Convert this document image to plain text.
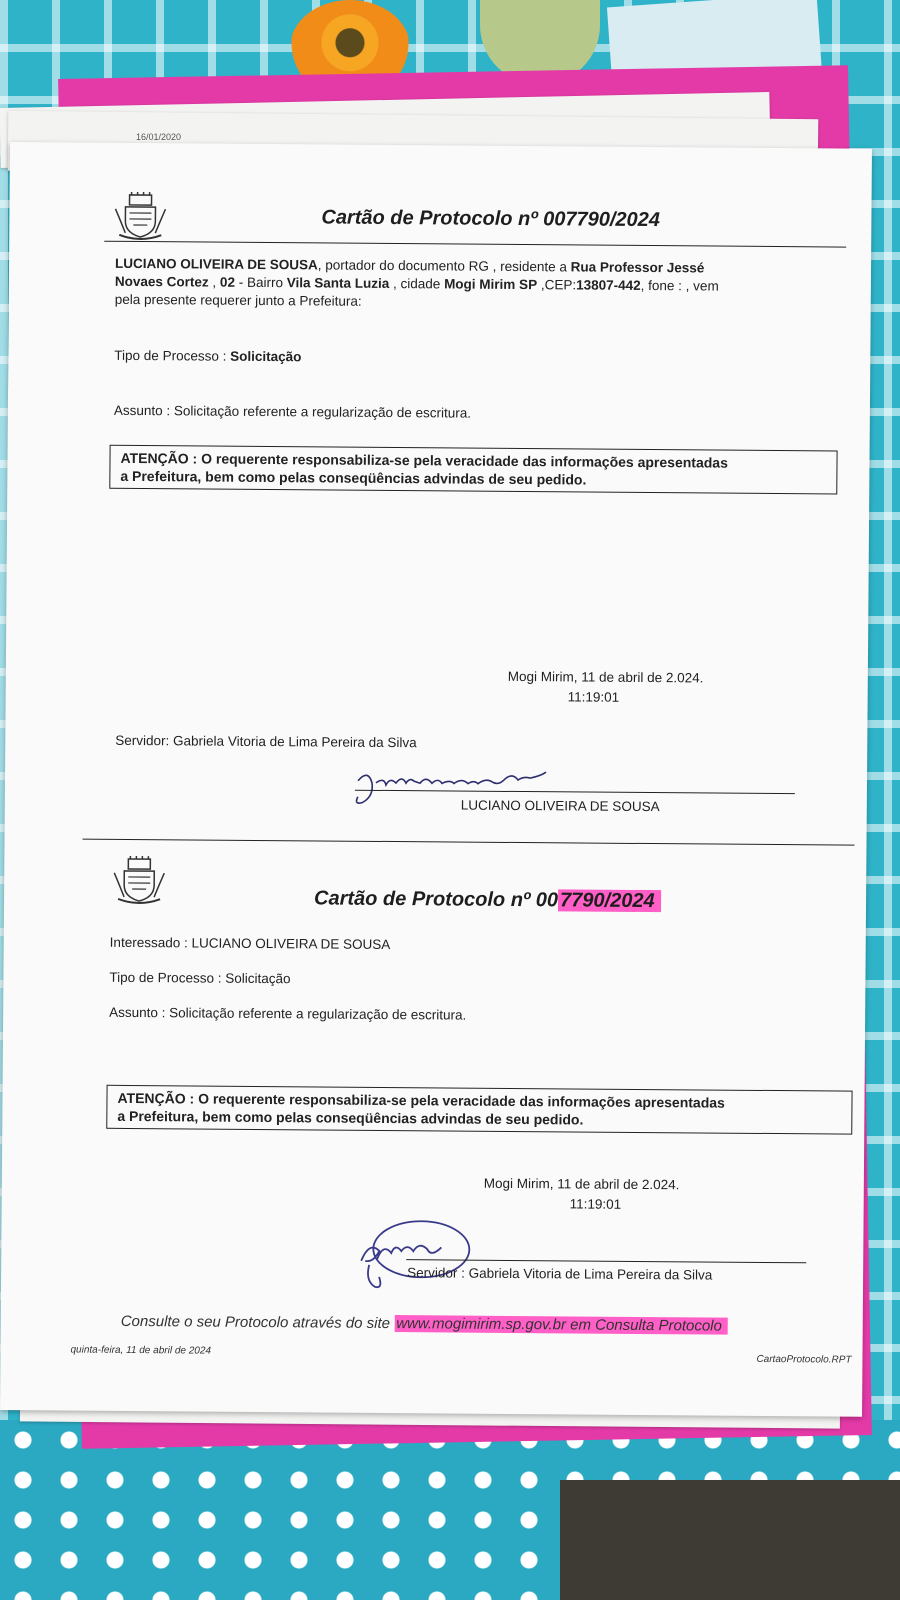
16/01/2020
Cartão de Protocolo nº 007790/2024
LUCIANO OLIVEIRA DE SOUSA, portador do documento RG , residente a Rua Professor Jessé
Novaes Cortez , 02 - Bairro Vila Santa Luzia , cidade Mogi Mirim SP ,CEP:13807-442, fone : , vem
pela presente requerer junto a Prefeitura:
Tipo de Processo : Solicitação
Assunto : Solicitação referente a regularização de escritura.
ATENÇÃO : O requerente responsabiliza-se pela veracidade das informações apresentadas
a Prefeitura, bem como pelas conseqüências advindas de seu pedido.
Mogi Mirim, 11 de abril de 2.024.
11:19:01
Servidor: Gabriela Vitoria de Lima Pereira da Silva
LUCIANO OLIVEIRA DE SOUSA
Cartão de Protocolo nº 007790/2024
Interessado : LUCIANO OLIVEIRA DE SOUSA
Tipo de Processo : Solicitação
Assunto : Solicitação referente a regularização de escritura.
ATENÇÃO : O requerente responsabiliza-se pela veracidade das informações apresentadas
a Prefeitura, bem como pelas conseqüências advindas de seu pedido.
Mogi Mirim, 11 de abril de 2.024.
11:19:01
Servidor : Gabriela Vitoria de Lima Pereira da Silva
Consulte o seu Protocolo através do site www.mogimirim.sp.gov.br em Consulta Protocolo
quinta-feira, 11 de abril de 2024
CartaoProtocolo.RPT
